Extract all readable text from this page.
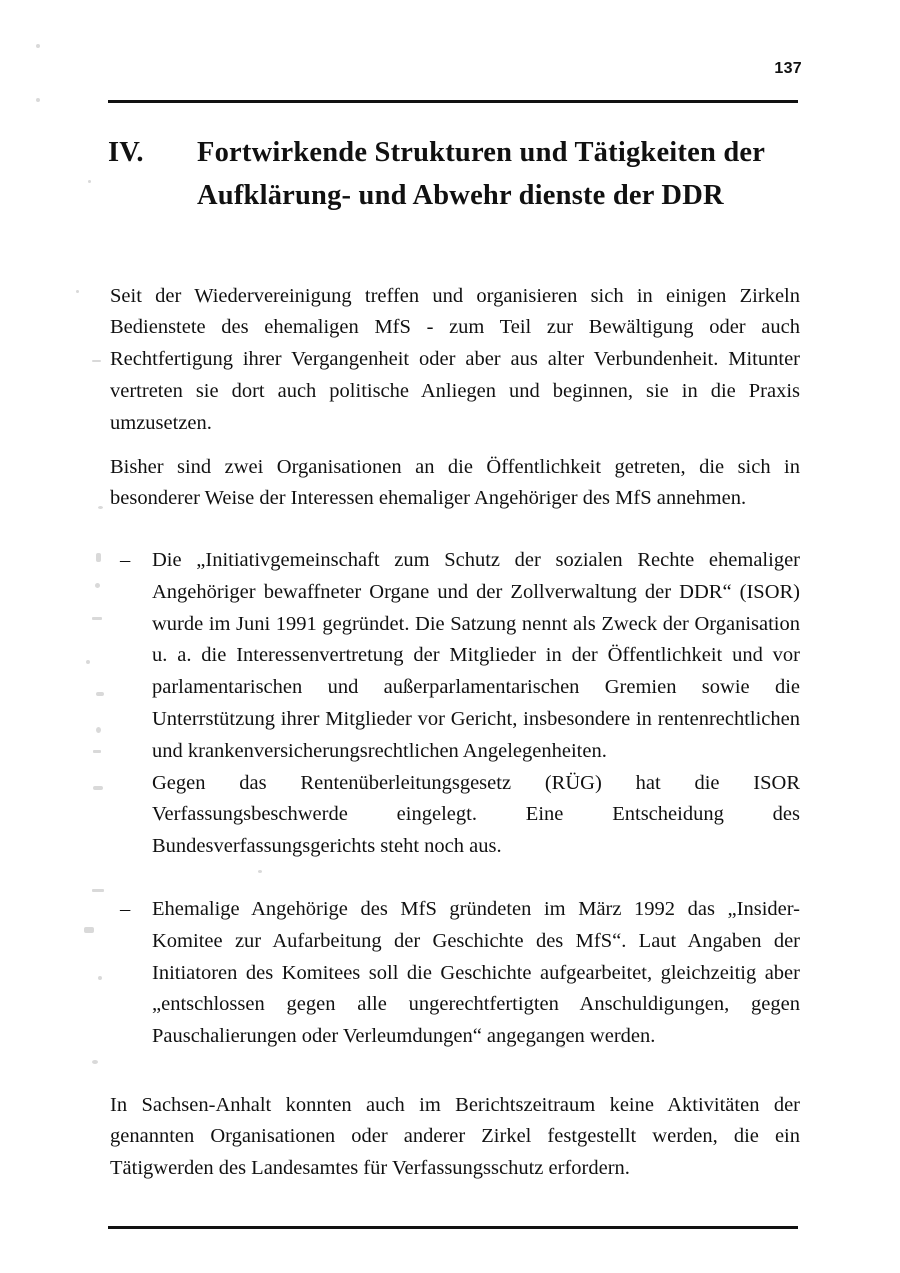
137
IV. Fortwirkende Strukturen und Tätigkeiten der Aufklärung- und Abwehr dienste der DDR

Seit der Wiedervereinigung treffen und organisieren sich in einigen Zirkeln Bedienstete des ehemaligen MfS - zum Teil zur Bewältigung oder auch Rechtfertigung ihrer Vergangenheit oder aber aus alter Verbundenheit. Mitunter vertreten sie dort auch politische Anliegen und beginnen, sie in die Praxis umzusetzen.

Bisher sind zwei Organisationen an die Öffentlichkeit getreten, die sich in besonderer Weise der Interessen ehemaliger Angehöriger des MfS annehmen.

– Die „Initiativgemeinschaft zum Schutz der sozialen Rechte ehemaliger Angehöriger bewaffneter Organe und der Zollverwaltung der DDR“ (ISOR) wurde im Juni 1991 gegründet. Die Satzung nennt als Zweck der Organisation u. a. die Interessenvertretung der Mitglieder in der Öffentlichkeit und vor parlamentarischen und außerparlamentarischen Gremien sowie die Unterrstützung ihrer Mitglieder vor Gericht, insbesondere in rentenrechtlichen und krankenversicherungsrechtlichen Angelegenheiten.
Gegen das Rentenüberleitungsgesetz (RÜG) hat die ISOR Verfassungsbeschwerde eingelegt. Eine Entscheidung des Bundesverfassungsgerichts steht noch aus.
– Ehemalige Angehörige des MfS gründeten im März 1992 das „Insider-Komitee zur Aufarbeitung der Geschichte des MfS“. Laut Angaben der Initiatoren des Komitees soll die Geschichte aufgearbeitet, gleichzeitig aber „entschlossen gegen alle ungerechtfertigten Anschuldigungen, gegen Pauschalierungen oder Verleumdungen“ angegangen werden.

In Sachsen-Anhalt konnten auch im Berichtszeitraum keine Aktivitäten der genannten Organisationen oder anderer Zirkel festgestellt werden, die ein Tätigwerden des Landesamtes für Verfassungsschutz erfordern.
